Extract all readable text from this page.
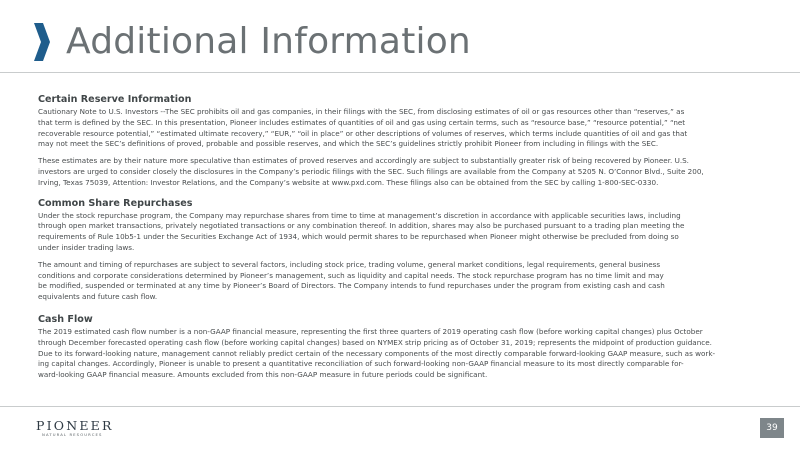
Additional Information
Certain Reserve Information
Cautionary Note to U.S. Investors --The SEC prohibits oil and gas companies, in their filings with the SEC, from disclosing estimates of oil or gas resources other than “reserves,” as
that term is defined by the SEC. In this presentation, Pioneer includes estimates of quantities of oil and gas using certain terms, such as “resource base,” “resource potential,” “net
recoverable resource potential,” “estimated ultimate recovery,” “EUR,” “oil in place” or other descriptions of volumes of reserves, which terms include quantities of oil and gas that
may not meet the SEC’s definitions of proved, probable and possible reserves, and which the SEC’s guidelines strictly prohibit Pioneer from including in filings with the SEC.
These estimates are by their nature more speculative than estimates of proved reserves and accordingly are subject to substantially greater risk of being recovered by Pioneer. U.S.
investors are urged to consider closely the disclosures in the Company’s periodic filings with the SEC. Such filings are available from the Company at 5205 N. O’Connor Blvd., Suite 200,
Irving, Texas 75039, Attention: Investor Relations, and the Company’s website at www.pxd.com. These filings also can be obtained from the SEC by calling 1-800-SEC-0330.
Common Share Repurchases
Under the stock repurchase program, the Company may repurchase shares from time to time at management’s discretion in accordance with applicable securities laws, including
through open market transactions, privately negotiated transactions or any combination thereof. In addition, shares may also be purchased pursuant to a trading plan meeting the
requirements of Rule 10b5-1 under the Securities Exchange Act of 1934, which would permit shares to be repurchased when Pioneer might otherwise be precluded from doing so
under insider trading laws.
The amount and timing of repurchases are subject to several factors, including stock price, trading volume, general market conditions, legal requirements, general business
conditions and corporate considerations determined by Pioneer’s management, such as liquidity and capital needs. The stock repurchase program has no time limit and may
be modified, suspended or terminated at any time by Pioneer’s Board of Directors. The Company intends to fund repurchases under the program from existing cash and cash
equivalents and future cash flow.
Cash Flow
The 2019 estimated cash flow number is a non-GAAP financial measure, representing the first three quarters of 2019 operating cash flow (before working capital changes) plus October
through December forecasted operating cash flow (before working capital changes) based on NYMEX strip pricing as of October 31, 2019; represents the midpoint of production guidance.
Due to its forward-looking nature, management cannot reliably predict certain of the necessary components of the most directly comparable forward-looking GAAP measure, such as work-
ing capital changes. Accordingly, Pioneer is unable to present a quantitative reconciliation of such forward-looking non-GAAP financial measure to its most directly comparable for-
ward-looking GAAP financial measure. Amounts excluded from this non-GAAP measure in future periods could be significant.
PIONEER
NATURAL RESOURCES
39
